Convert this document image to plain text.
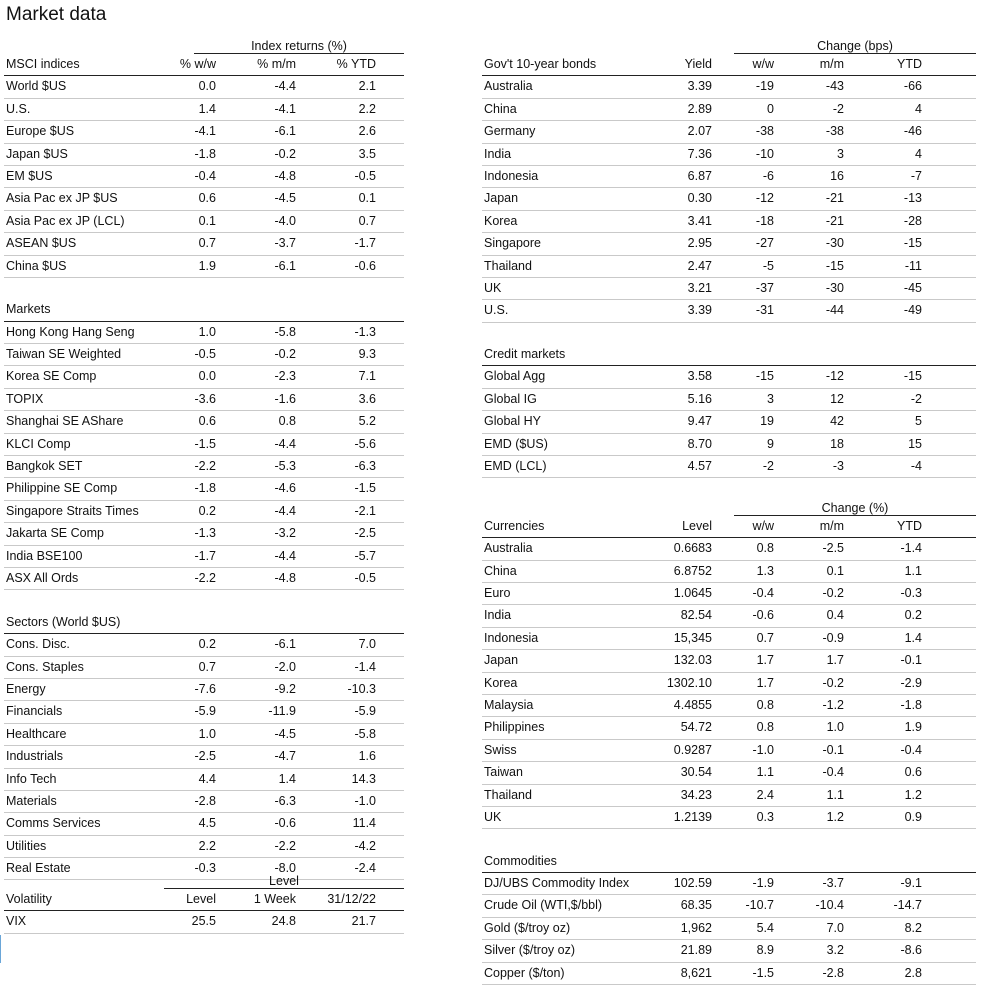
Market data
Index returns (%)
MSCI indices	% w/w	% m/m	% YTD
World $US	0.0	-4.4	2.1
U.S.	1.4	-4.1	2.2
Europe $US	-4.1	-6.1	2.6
Japan $US	-1.8	-0.2	3.5
EM $US	-0.4	-4.8	-0.5
Asia Pac ex JP $US	0.6	-4.5	0.1
Asia Pac ex JP (LCL)	0.1	-4.0	0.7
ASEAN $US	0.7	-3.7	-1.7
China $US	1.9	-6.1	-0.6
Markets
Hong Kong Hang Seng	1.0	-5.8	-1.3
Taiwan SE Weighted	-0.5	-0.2	9.3
Korea SE Comp	0.0	-2.3	7.1
TOPIX	-3.6	-1.6	3.6
Shanghai SE AShare	0.6	0.8	5.2
KLCI Comp	-1.5	-4.4	-5.6
Bangkok SET	-2.2	-5.3	-6.3
Philippine SE Comp	-1.8	-4.6	-1.5
Singapore Straits Times	0.2	-4.4	-2.1
Jakarta SE Comp	-1.3	-3.2	-2.5
India BSE100	-1.7	-4.4	-5.7
ASX All Ords	-2.2	-4.8	-0.5
Sectors (World $US)
Cons. Disc.	0.2	-6.1	7.0
Cons. Staples	0.7	-2.0	-1.4
Energy	-7.6	-9.2	-10.3
Financials	-5.9	-11.9	-5.9
Healthcare	1.0	-4.5	-5.8
Industrials	-2.5	-4.7	1.6
Info Tech	4.4	1.4	14.3
Materials	-2.8	-6.3	-1.0
Comms Services	4.5	-0.6	11.4
Utilities	2.2	-2.2	-4.2
Real Estate	-0.3	-8.0	-2.4
Level
Volatility	Level	1 Week	31/12/22
VIX	25.5	24.8	21.7
Change (bps)
Gov't 10-year bonds	Yield	w/w	m/m	YTD
Australia	3.39	-19	-43	-66
China	2.89	0	-2	4
Germany	2.07	-38	-38	-46
India	7.36	-10	3	4
Indonesia	6.87	-6	16	-7
Japan	0.30	-12	-21	-13
Korea	3.41	-18	-21	-28
Singapore	2.95	-27	-30	-15
Thailand	2.47	-5	-15	-11
UK	3.21	-37	-30	-45
U.S.	3.39	-31	-44	-49
Credit markets
Global Agg	3.58	-15	-12	-15
Global IG	5.16	3	12	-2
Global HY	9.47	19	42	5
EMD ($US)	8.70	9	18	15
EMD (LCL)	4.57	-2	-3	-4
Change (%)
Currencies	Level	w/w	m/m	YTD
Australia	0.6683	0.8	-2.5	-1.4
China	6.8752	1.3	0.1	1.1
Euro	1.0645	-0.4	-0.2	-0.3
India	82.54	-0.6	0.4	0.2
Indonesia	15,345	0.7	-0.9	1.4
Japan	132.03	1.7	1.7	-0.1
Korea	1302.10	1.7	-0.2	-2.9
Malaysia	4.4855	0.8	-1.2	-1.8
Philippines	54.72	0.8	1.0	1.9
Swiss	0.9287	-1.0	-0.1	-0.4
Taiwan	30.54	1.1	-0.4	0.6
Thailand	34.23	2.4	1.1	1.2
UK	1.2139	0.3	1.2	0.9
Commodities
DJ/UBS Commodity Index	102.59	-1.9	-3.7	-9.1
Crude Oil (WTI,$/bbl)	68.35	-10.7	-10.4	-14.7
Gold ($/troy oz)	1,962	5.4	7.0	8.2
Silver ($/troy oz)	21.89	8.9	3.2	-8.6
Copper ($/ton)	8,621	-1.5	-2.8	2.8
